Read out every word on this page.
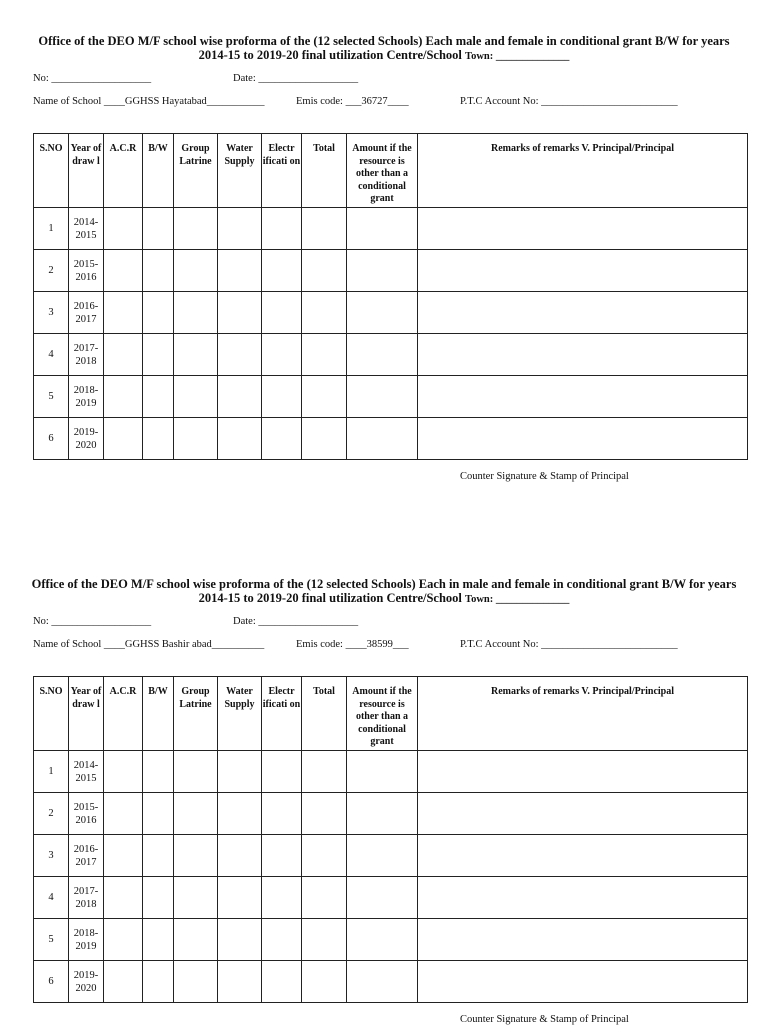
Office of the DEO M/F school wise proforma of the (12 selected Schools) Each male and female in conditional grant B/W for years 2014-15 to 2019-20 final utilization Centre/School Town: ______________
No: ___________________	Date: ___________________
Name of School ____GGHSS Hayatabad___________	Emis code: ___36727____	P.T.C Account No: __________________________
S.NO	Year of draw l	A.C.R	B/W	Group Latrine	Water Supply	Electr ificati on	Total	Amount if the resource is other than a conditional grant	Remarks of remarks V. Principal/Principal
1	2014-2015								
2	2015-2016								
3	2016-2017								
4	2017-2018								
5	2018-2019								
6	2019-2020								
Counter Signature & Stamp of Principal
Office of the DEO M/F school wise proforma of the (12 selected Schools) Each in male and female in conditional grant B/W for years 2014-15 to 2019-20 final utilization Centre/School Town: ______________
No: ___________________	Date: ___________________
Name of School ____GGHSS Bashir abad__________	Emis code: ____38599___	P.T.C Account No: __________________________
S.NO	Year of draw l	A.C.R	B/W	Group Latrine	Water Supply	Electr ificati on	Total	Amount if the resource is other than a conditional grant	Remarks of remarks V. Principal/Principal
1	2014-2015								
2	2015-2016								
3	2016-2017								
4	2017-2018								
5	2018-2019								
6	2019-2020								
Counter Signature & Stamp of Principal
